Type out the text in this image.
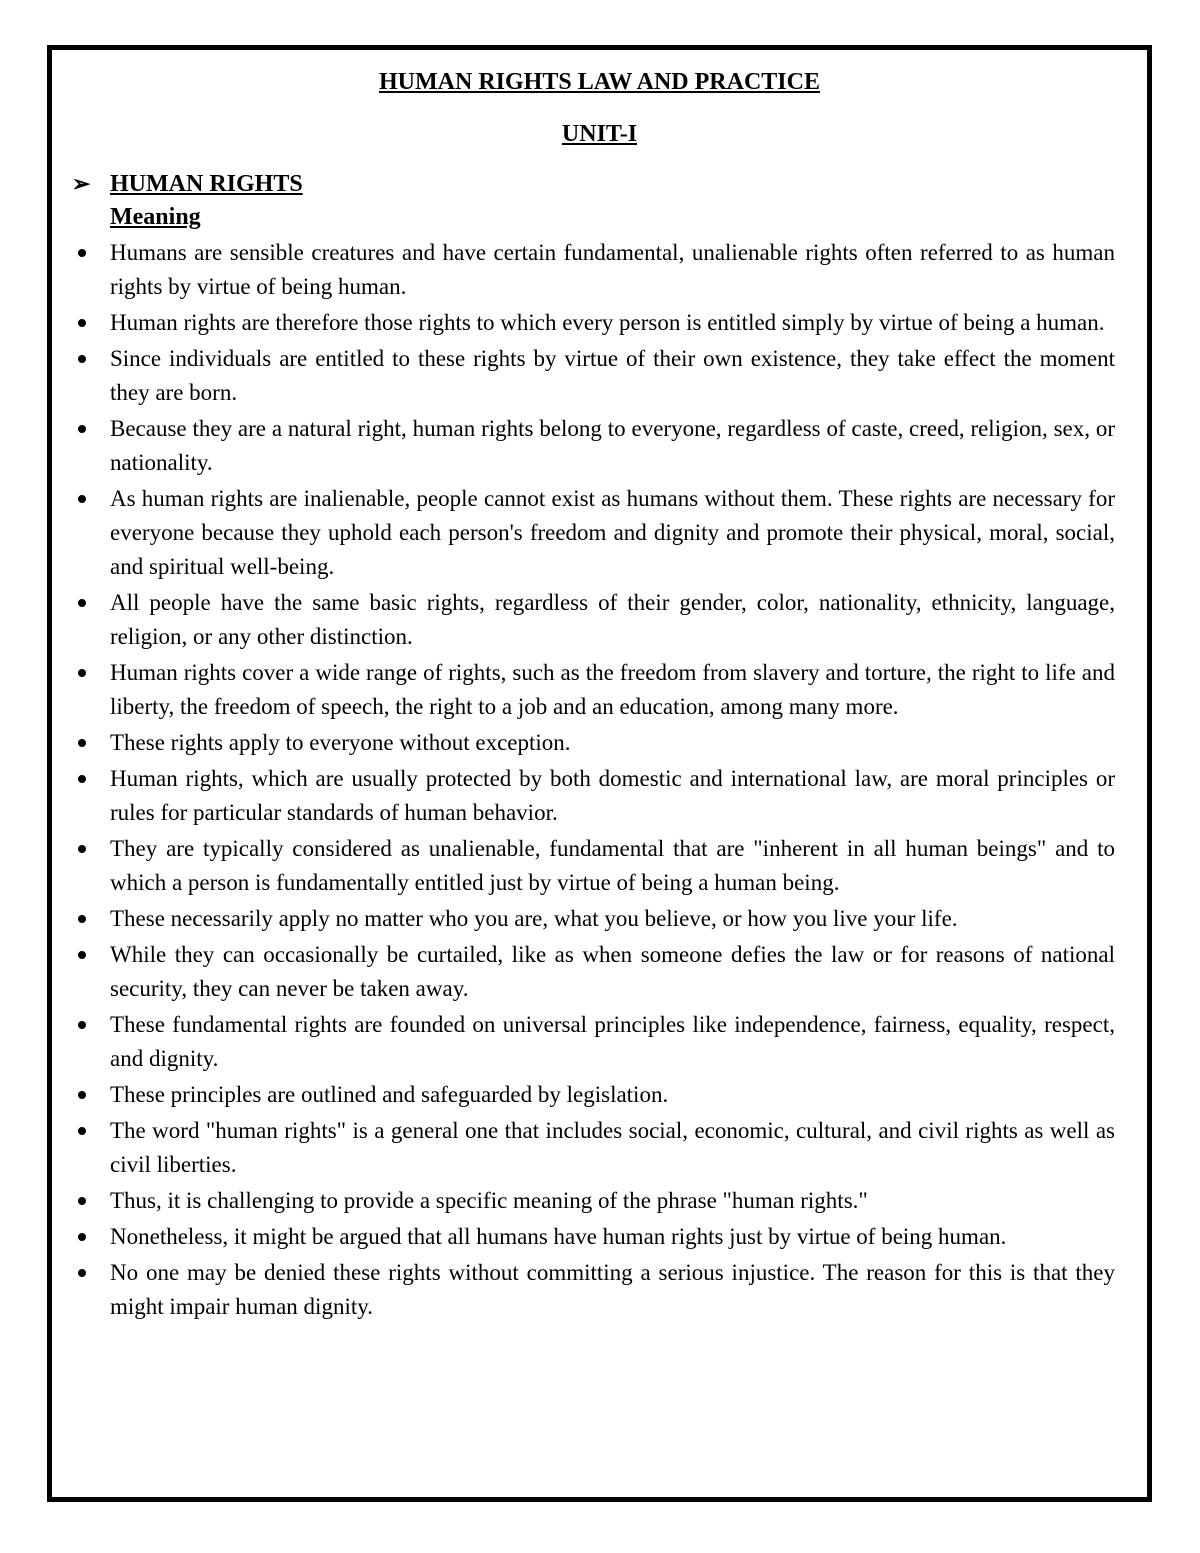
HUMAN RIGHTS LAW AND PRACTICE
UNIT-I
➢ HUMAN RIGHTS
Meaning
Humans are sensible creatures and have certain fundamental, unalienable rights often referred to as human rights by virtue of being human.
Human rights are therefore those rights to which every person is entitled simply by virtue of being a human.
Since individuals are entitled to these rights by virtue of their own existence, they take effect the moment they are born.
Because they are a natural right, human rights belong to everyone, regardless of caste, creed, religion, sex, or nationality.
As human rights are inalienable, people cannot exist as humans without them. These rights are necessary for everyone because they uphold each person's freedom and dignity and promote their physical, moral, social, and spiritual well-being.
All people have the same basic rights, regardless of their gender, color, nationality, ethnicity, language, religion, or any other distinction.
Human rights cover a wide range of rights, such as the freedom from slavery and torture, the right to life and liberty, the freedom of speech, the right to a job and an education, among many more.
These rights apply to everyone without exception.
Human rights, which are usually protected by both domestic and international law, are moral principles or rules for particular standards of human behavior.
They are typically considered as unalienable, fundamental that are "inherent in all human beings" and to which a person is fundamentally entitled just by virtue of being a human being.
These necessarily apply no matter who you are, what you believe, or how you live your life.
While they can occasionally be curtailed, like as when someone defies the law or for reasons of national security, they can never be taken away.
These fundamental rights are founded on universal principles like independence, fairness, equality, respect, and dignity.
These principles are outlined and safeguarded by legislation.
The word "human rights" is a general one that includes social, economic, cultural, and civil rights as well as civil liberties.
Thus, it is challenging to provide a specific meaning of the phrase "human rights."
Nonetheless, it might be argued that all humans have human rights just by virtue of being human.
No one may be denied these rights without committing a serious injustice. The reason for this is that they might impair human dignity.
